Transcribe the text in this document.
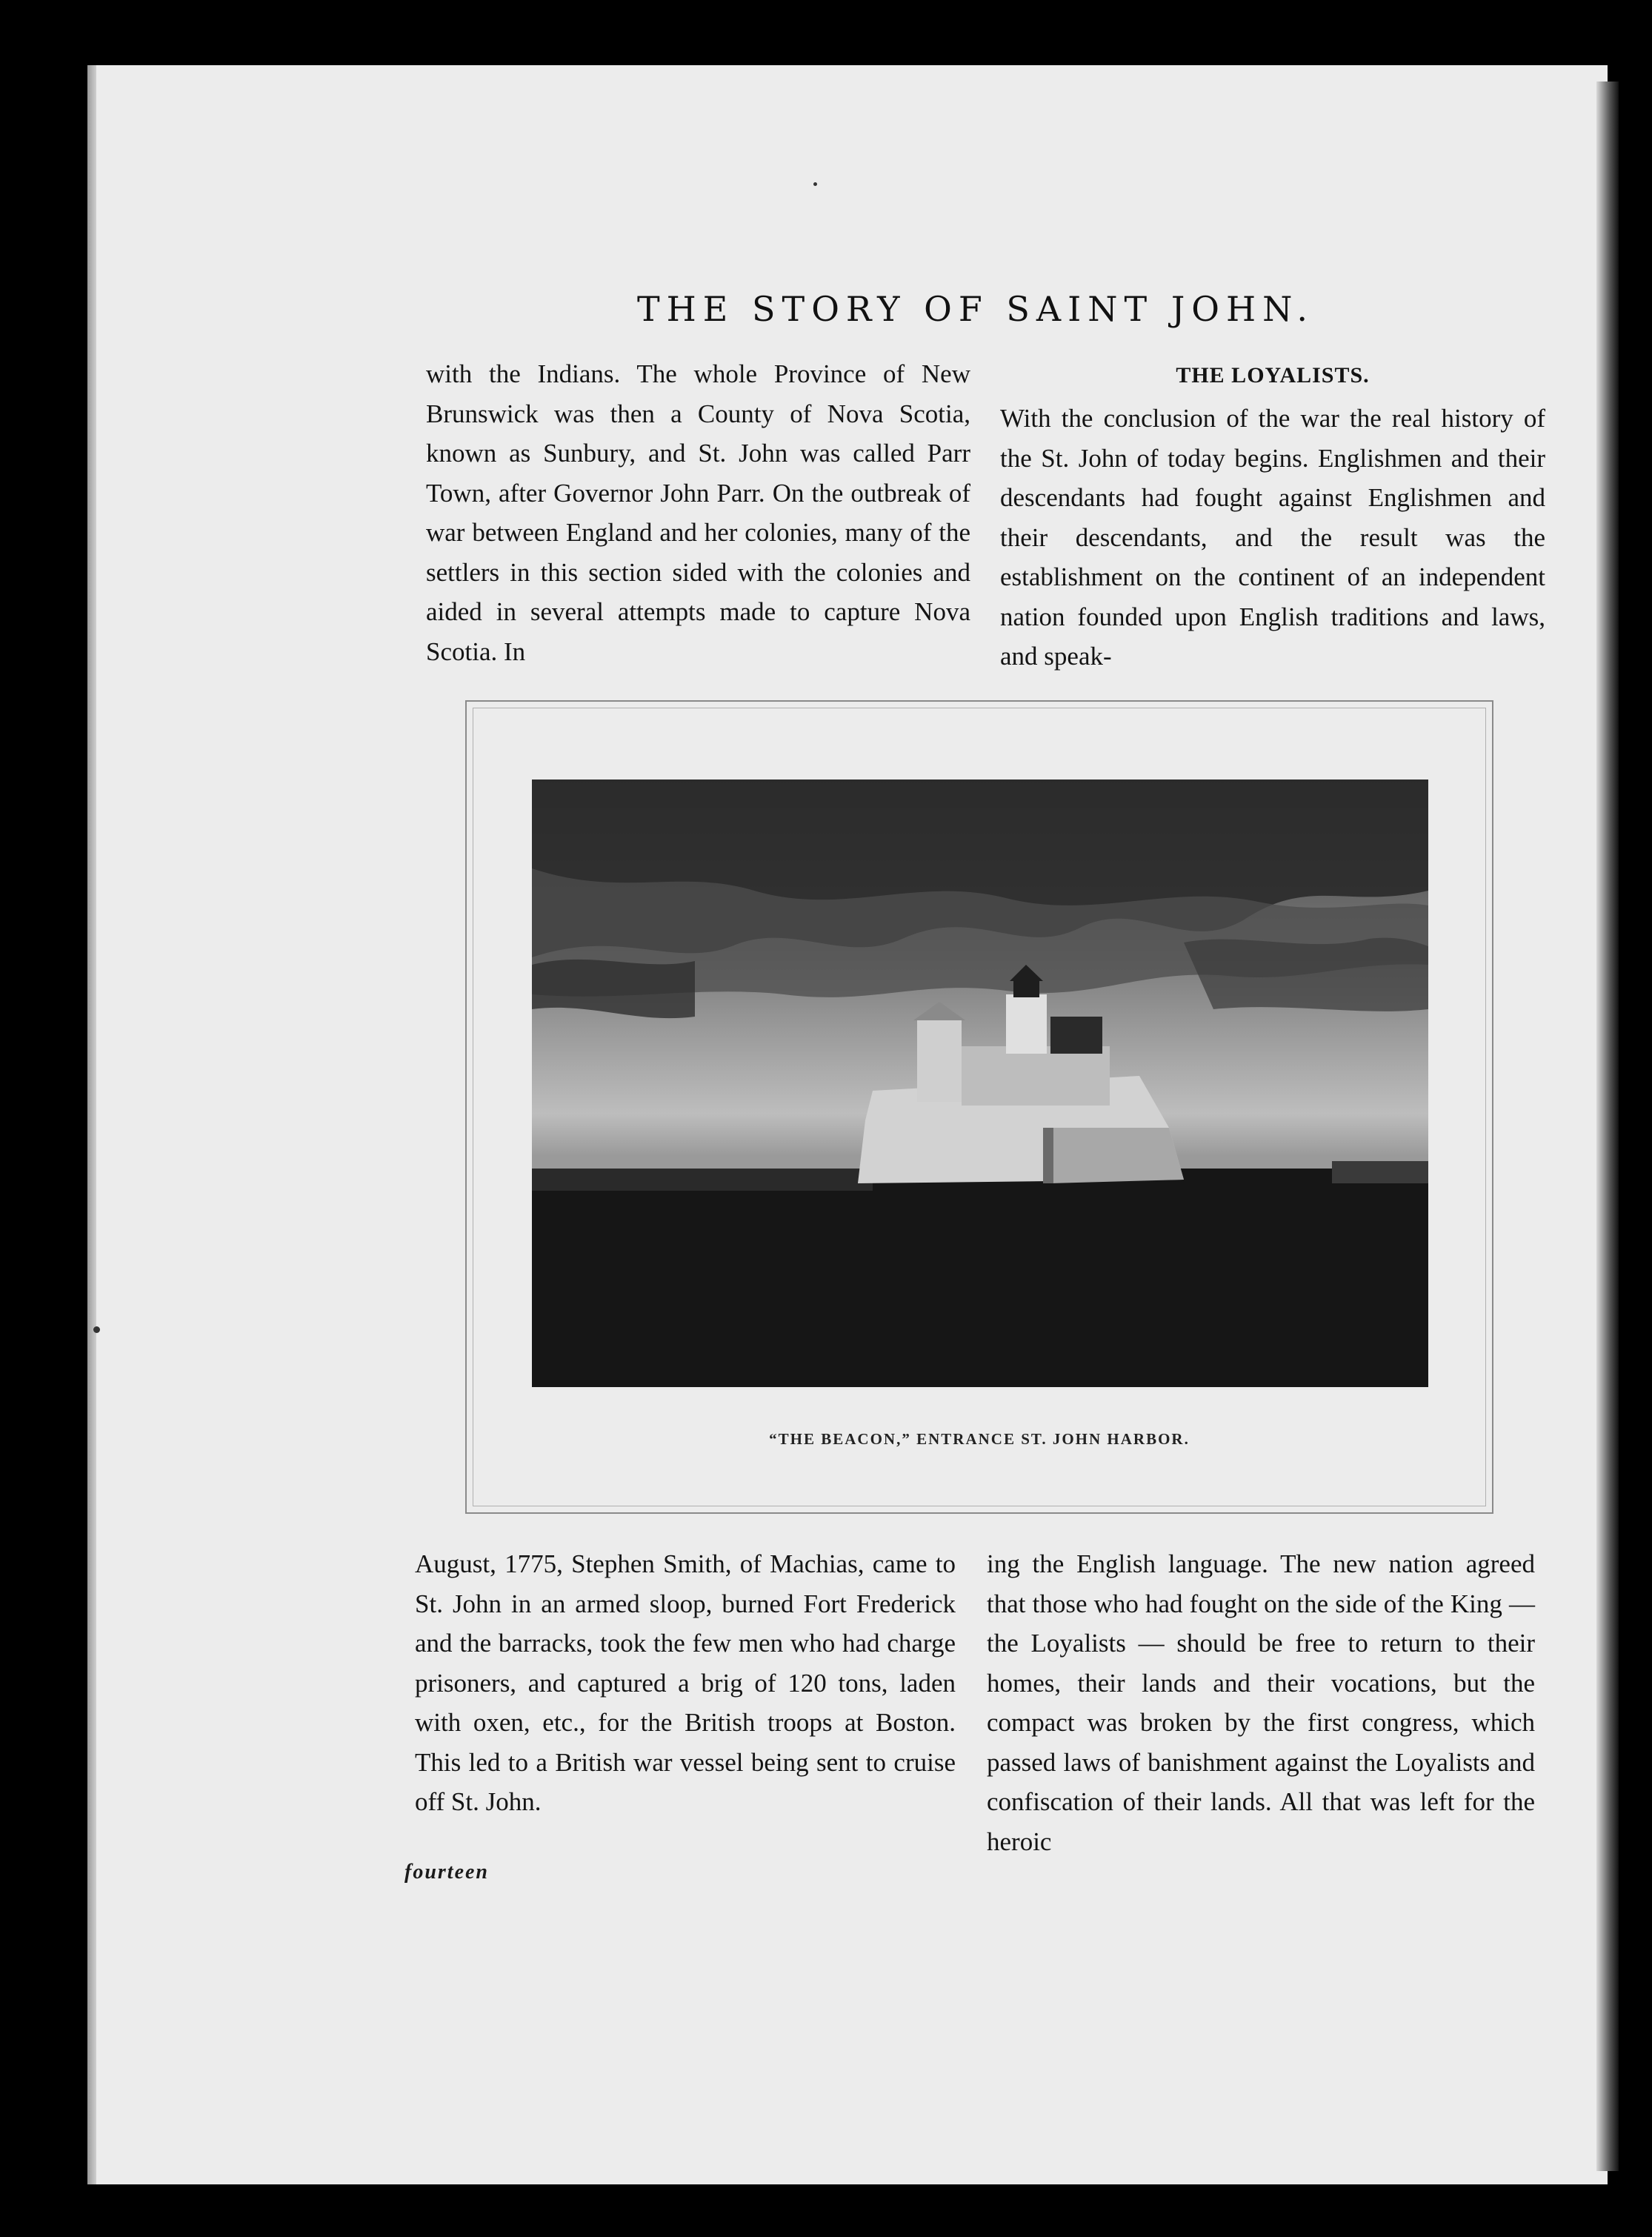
THE STORY OF SAINT JOHN.

with the Indians. The whole Province of New Brunswick was then a County of Nova Scotia, known as Sunbury, and St. John was called Parr Town, after Governor John Parr. On the outbreak of war between England and her colonies, many of the settlers in this section sided with the colonies and aided in several attempts made to capture Nova Scotia. In

THE LOYALISTS.

With the conclusion of the war the real history of the St. John of today begins. Englishmen and their descendants had fought against Englishmen and their descendants, and the result was the establishment on the continent of an independent nation founded upon English traditions and laws, and speak-

“THE BEACON,” ENTRANCE ST. JOHN HARBOR.

August, 1775, Stephen Smith, of Machias, came to St. John in an armed sloop, burned Fort Frederick and the barracks, took the few men who had charge prisoners, and captured a brig of 120 tons, laden with oxen, etc., for the British troops at Boston. This led to a British war vessel being sent to cruise off St. John.

ing the English language. The new nation agreed that those who had fought on the side of the King — the Loyalists — should be free to return to their homes, their lands and their vocations, but the compact was broken by the first congress, which passed laws of banishment against the Loyalists and confiscation of their lands. All that was left for the heroic

fourteen
